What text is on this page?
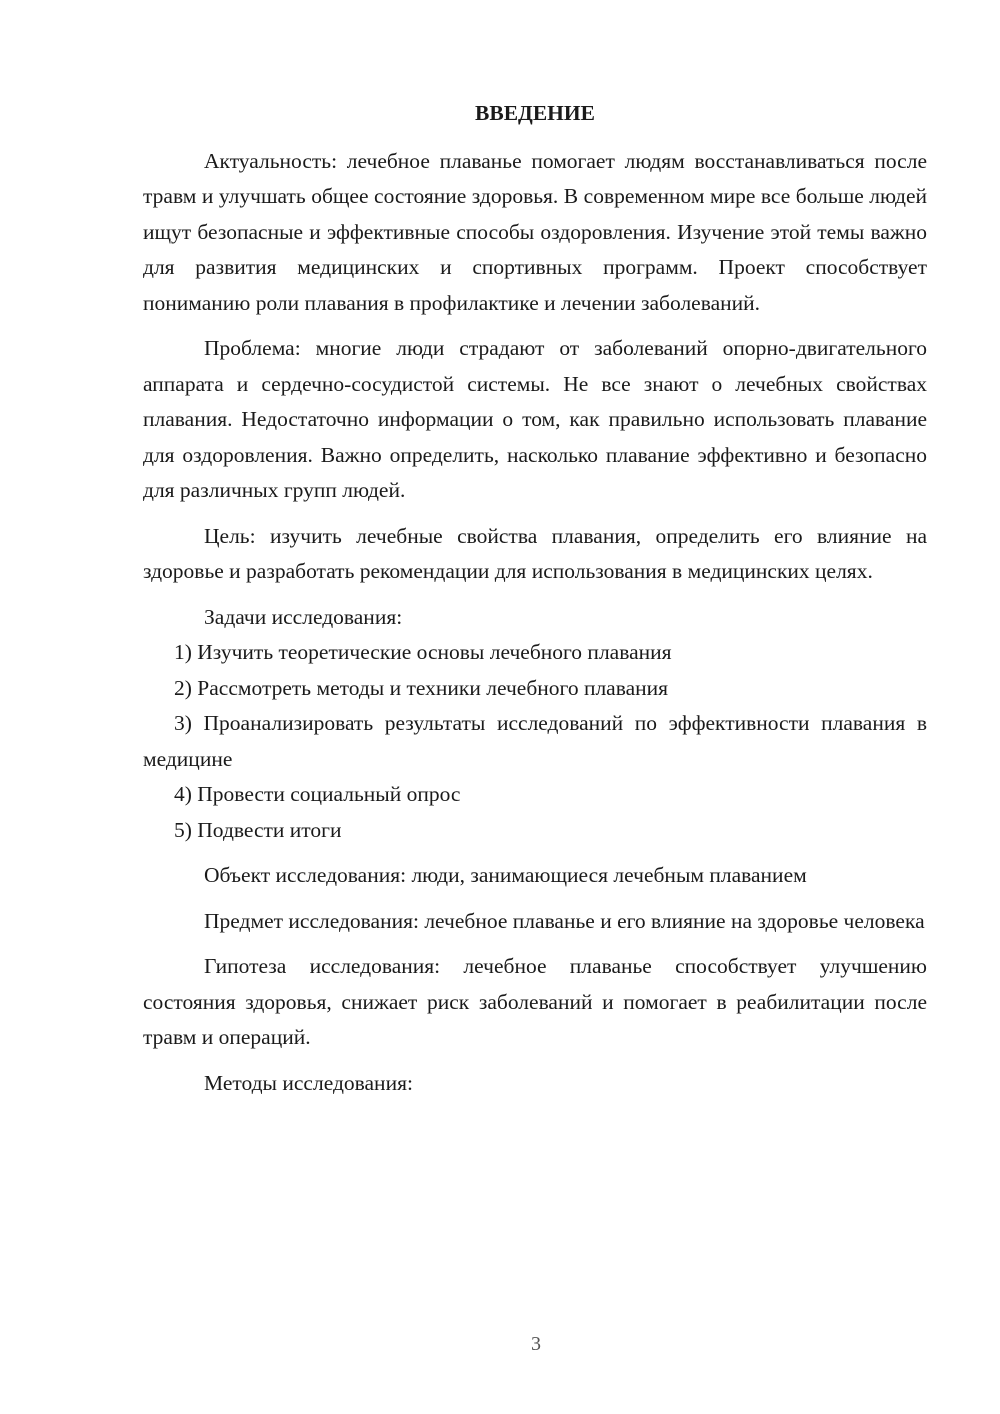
ВВЕДЕНИЕ

Актуальность: лечебное плаванье помогает людям восстанавливаться после травм и улучшать общее состояние здоровья. В современном мире все больше людей ищут безопасные и эффективные способы оздоровления. Изучение этой темы важно для развития медицинских и спортивных программ. Проект способствует пониманию роли плавания в профилактике и лечении заболеваний.

Проблема: многие люди страдают от заболеваний опорно-двигательного аппарата и сердечно-сосудистой системы. Не все знают о лечебных свойствах плавания. Недостаточно информации о том, как правильно использовать плавание для оздоровления. Важно определить, насколько плавание эффективно и безопасно для различных групп людей.

Цель: изучить лечебные свойства плавания, определить его влияние на здоровье и разработать рекомендации для использования в медицинских целях.

Задачи исследования:

1) Изучить теоретические основы лечебного плавания

2) Рассмотреть методы и техники лечебного плавания

3) Проанализировать результаты исследований по эффективности плавания в медицине

4) Провести социальный опрос

5) Подвести итоги

Объект исследования: люди, занимающиеся лечебным плаванием

Предмет исследования: лечебное плаванье и его влияние на здоровье человека

Гипотеза исследования: лечебное плаванье способствует улучшению состояния здоровья, снижает риск заболеваний и помогает в реабилитации после травм и операций.

Методы исследования:

3
